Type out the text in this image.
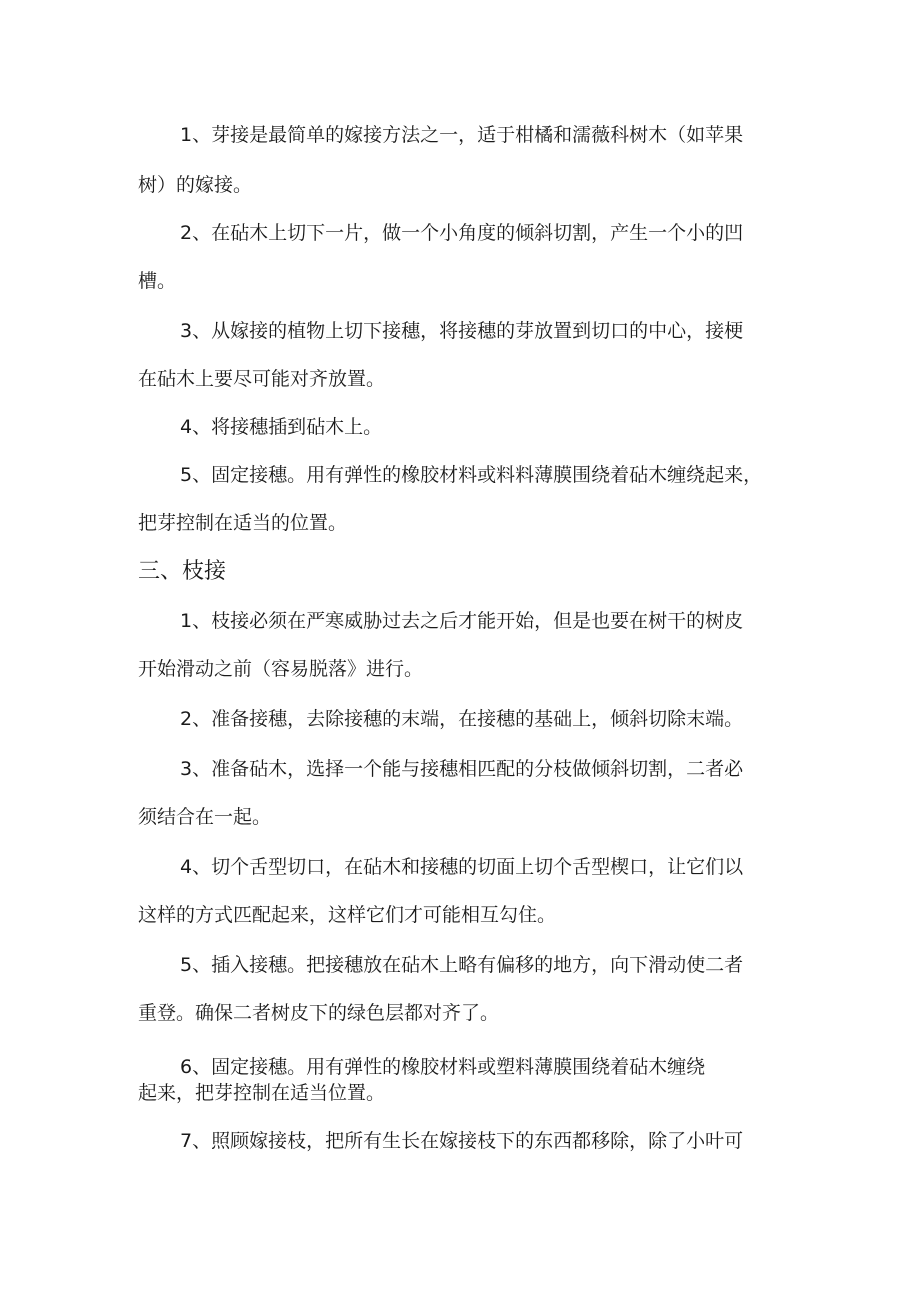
1、芽接是最简单的嫁接方法之一，适于柑橘和濡薇科树木（如苹果
树）的嫁接。
2、在砧木上切下一片，做一个小角度的倾斜切割，产生一个小的凹
槽。
3、从嫁接的植物上切下接穗，将接穗的芽放置到切口的中心，接梗
在砧木上要尽可能对齐放置。
4、将接穗插到砧木上。
5、固定接穗。用有弹性的橡胶材料或料料薄膜围绕着砧木缠绕起来，
把芽控制在适当的位置。
三、枝接
1、枝接必须在严寒威胁过去之后才能开始，但是也要在树干的树皮
开始滑动之前（容易脱落》进行。
2、准备接穗，去除接穗的末端，在接穗的基础上，倾斜切除末端。
3、准备砧木，选择一个能与接穗相匹配的分枝做倾斜切割，二者必
须结合在一起。
4、切个舌型切口，在砧木和接穗的切面上切个舌型楔口，让它们以
这样的方式匹配起来，这样它们才可能相互勾住。
5、插入接穗。把接穗放在砧木上略有偏移的地方，向下滑动使二者
重登。确保二者树皮下的绿色层都对齐了。
6、固定接穗。用有弹性的橡胶材料或塑料薄膜围绕着砧木缠绕
起来，把芽控制在适当位置。
7、照顾嫁接枝，把所有生长在嫁接枝下的东西都移除，除了小叶可
